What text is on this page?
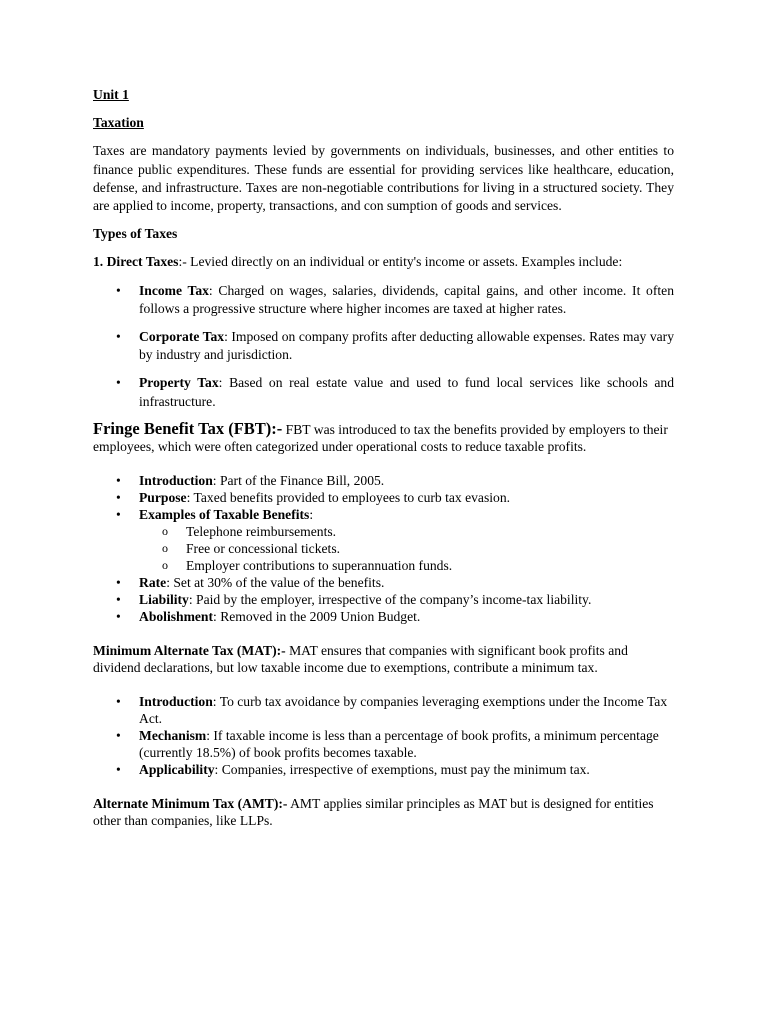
Unit 1

Taxation

Taxes are mandatory payments levied by governments on individuals, businesses, and other entities to finance public expenditures. These funds are essential for providing services like healthcare, education, defense, and infrastructure. Taxes are non-negotiable contributions for living in a structured society. They are applied to income, property, transactions, and con sumption of goods and services.

Types of Taxes

1. Direct Taxes:- Levied directly on an individual or entity's income or assets. Examples include:

• Income Tax: Charged on wages, salaries, dividends, capital gains, and other income. It often follows a progressive structure where higher incomes are taxed at higher rates.
• Corporate Tax: Imposed on company profits after deducting allowable expenses. Rates may vary by industry and jurisdiction.
• Property Tax: Based on real estate value and used to fund local services like schools and infrastructure.

Fringe Benefit Tax (FBT):- FBT was introduced to tax the benefits provided by employers to their employees, which were often categorized under operational costs to reduce taxable profits.

• Introduction: Part of the Finance Bill, 2005.
• Purpose: Taxed benefits provided to employees to curb tax evasion.
• Examples of Taxable Benefits:
o Telephone reimbursements.
o Free or concessional tickets.
o Employer contributions to superannuation funds.
• Rate: Set at 30% of the value of the benefits.
• Liability: Paid by the employer, irrespective of the company’s income-tax liability.
• Abolishment: Removed in the 2009 Union Budget.

Minimum Alternate Tax (MAT):- MAT ensures that companies with significant book profits and dividend declarations, but low taxable income due to exemptions, contribute a minimum tax.

• Introduction: To curb tax avoidance by companies leveraging exemptions under the Income Tax Act.
• Mechanism: If taxable income is less than a percentage of book profits, a minimum percentage (currently 18.5%) of book profits becomes taxable.
• Applicability: Companies, irrespective of exemptions, must pay the minimum tax.

Alternate Minimum Tax (AMT):- AMT applies similar principles as MAT but is designed for entities other than companies, like LLPs.
